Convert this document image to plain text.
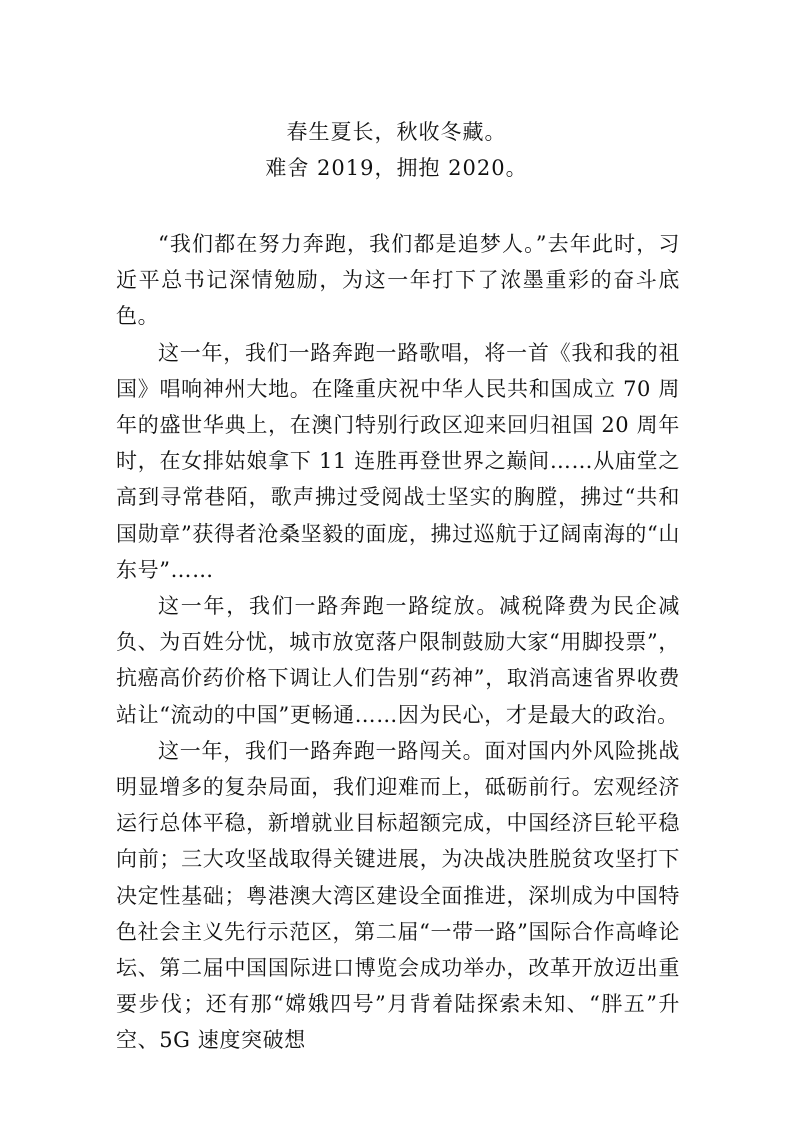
春生夏长，秋收冬藏。
难舍 2019，拥抱 2020。

“我们都在努力奔跑，我们都是追梦人。”去年此时，习近平总书记深情勉励，为这一年打下了浓墨重彩的奋斗底色。

这一年，我们一路奔跑一路歌唱，将一首《我和我的祖国》唱响神州大地。在隆重庆祝中华人民共和国成立 70 周年的盛世华典上，在澳门特别行政区迎来回归祖国 20 周年时，在女排姑娘拿下 11 连胜再登世界之巅间……从庙堂之高到寻常巷陌，歌声拂过受阅战士坚实的胸膛，拂过“共和国勋章”获得者沧桑坚毅的面庞，拂过巡航于辽阔南海的“山东号”……

这一年，我们一路奔跑一路绽放。减税降费为民企减负、为百姓分忧，城市放宽落户限制鼓励大家“用脚投票”，抗癌高价药价格下调让人们告别“药神”，取消高速省界收费站让“流动的中国”更畅通……因为民心，才是最大的政治。

这一年，我们一路奔跑一路闯关。面对国内外风险挑战明显增多的复杂局面，我们迎难而上，砥砺前行。宏观经济运行总体平稳，新增就业目标超额完成，中国经济巨轮平稳向前；三大攻坚战取得关键进展，为决战决胜脱贫攻坚打下决定性基础；粤港澳大湾区建设全面推进，深圳成为中国特色社会主义先行示范区，第二届“一带一路”国际合作高峰论坛、第二届中国国际进口博览会成功举办，改革开放迈出重要步伐；还有那“嫦娥四号”月背着陆探索未知、“胖五”升空、5G 速度突破想
